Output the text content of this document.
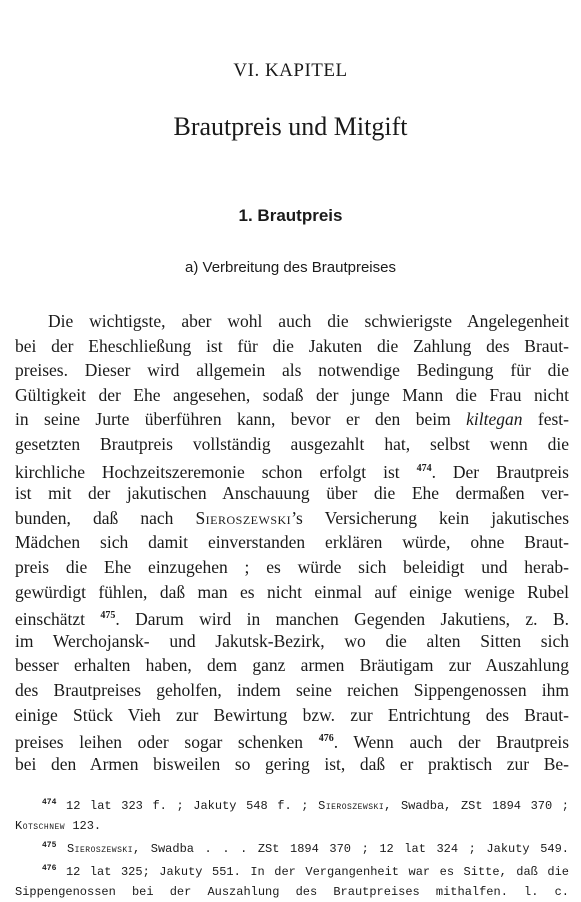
VI. KAPITEL
Brautpreis und Mitgift
1. Brautpreis
a) Verbreitung des Brautpreises
Die wichtigste, aber wohl auch die schwierigste Angelegenheit
bei der Eheschließung ist für die Jakuten die Zahlung des Braut-
preises. Dieser wird allgemein als notwendige Bedingung für die
Gültigkeit der Ehe angesehen, sodaß der junge Mann die Frau nicht
in seine Jurte überführen kann, bevor er den beim kiltegan fest-
gesetzten Brautpreis vollständig ausgezahlt hat, selbst wenn die
kirchliche Hochzeitszeremonie schon erfolgt ist $^{474}$. Der Brautpreis
ist mit der jakutischen Anschauung über die Ehe dermaßen ver-
bunden, daß nach Sieroszewski’s Versicherung kein jakutisches
Mädchen sich damit einverstanden erklären würde, ohne Braut-
preis die Ehe einzugehen ; es würde sich beleidigt und herab-
gewürdigt fühlen, daß man es nicht einmal auf einige wenige Rubel
einschätzt $^{475}$. Darum wird in manchen Gegenden Jakutiens, z. B.
im Werchojansk- und Jakutsk-Bezirk, wo die alten Sitten sich
besser erhalten haben, dem ganz armen Bräutigam zur Auszahlung
des Brautpreises geholfen, indem seine reichen Sippengenossen ihm
einige Stück Vieh zur Bewirtung bzw. zur Entrichtung des Braut-
preises leihen oder sogar schenken $^{476}$. Wenn auch der Brautpreis
bei den Armen bisweilen so gering ist, daß er praktisch zur Be-
$^{474}$ 12 lat 323 f. ; Jakuty 548 f. ; Sieroszewski, Swadba, ZSt 1894 370 ;
Kotschnew 123.
$^{475}$ Sieroszewski, Swadba . . . ZSt 1894 370 ; 12 lat 324 ; Jakuty 549.
$^{476}$ 12 lat 325; Jakuty 551. In der Vergangenheit war es Sitte, daß die
Sippengenossen bei der Auszahlung des Brautpreises mithalfen. l. c.
